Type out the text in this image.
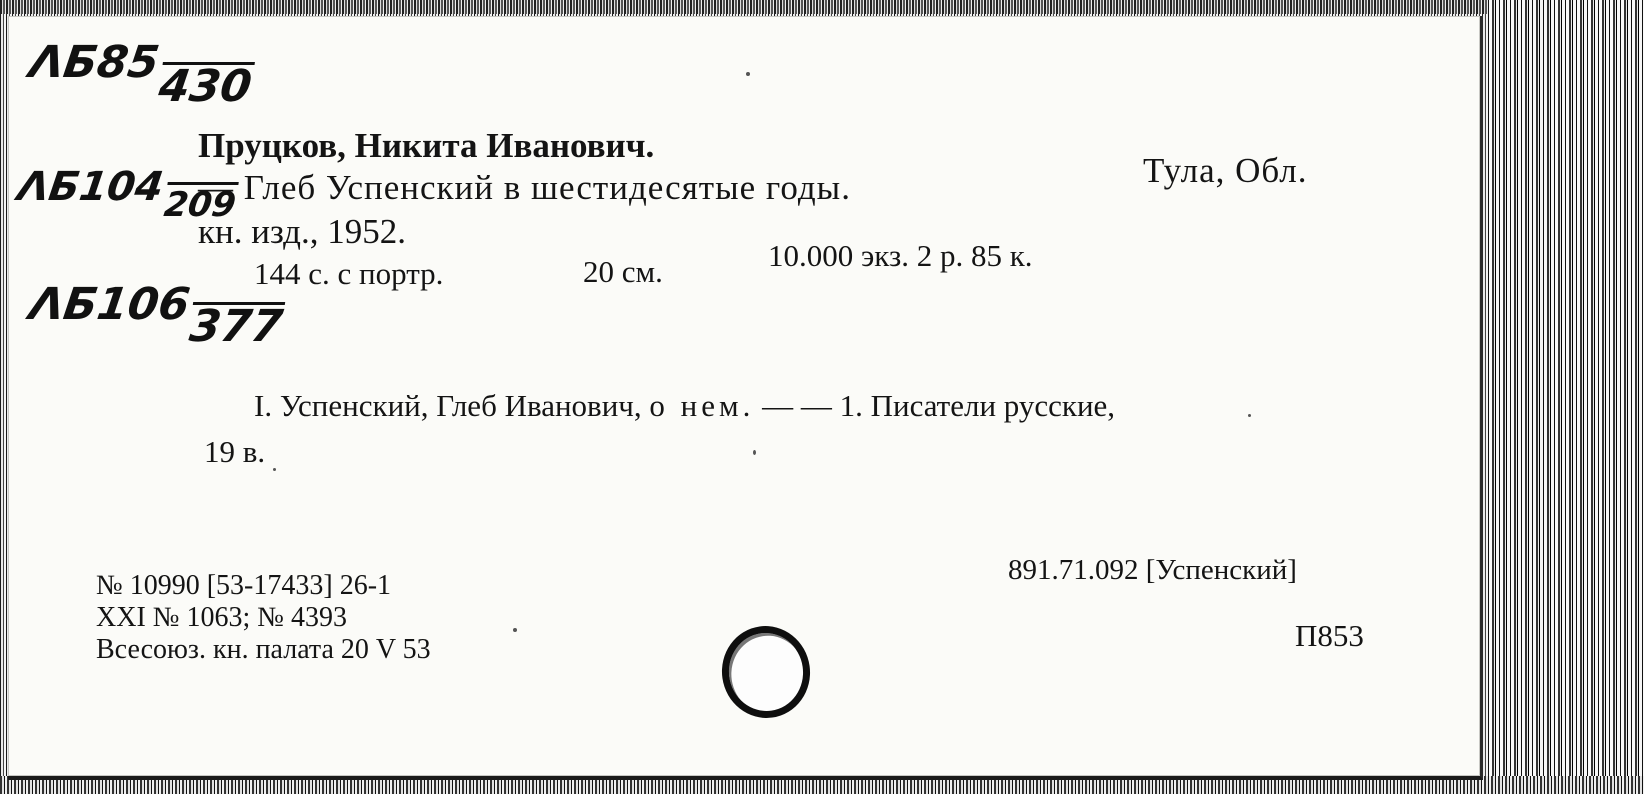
ΛБ85430
ΛБ104209
ΛБ106377
Пруцков, Никита Иванович.
— Глеб Успенский в шестидесятые годы.	Тула, Обл.
кн. изд., 1952.
144 с. с портр.	20 см.	10.000 экз. 2 р. 85 к.
I. Успенский, Глеб Иванович, о нем. — — 1. Писатели русские,
19 в.
№ 10990 [53-17433] 26-1
XXI № 1063; № 4393
Всесоюз. кн. палата 20 V 53
891.71.092 [Успенский]
П853
